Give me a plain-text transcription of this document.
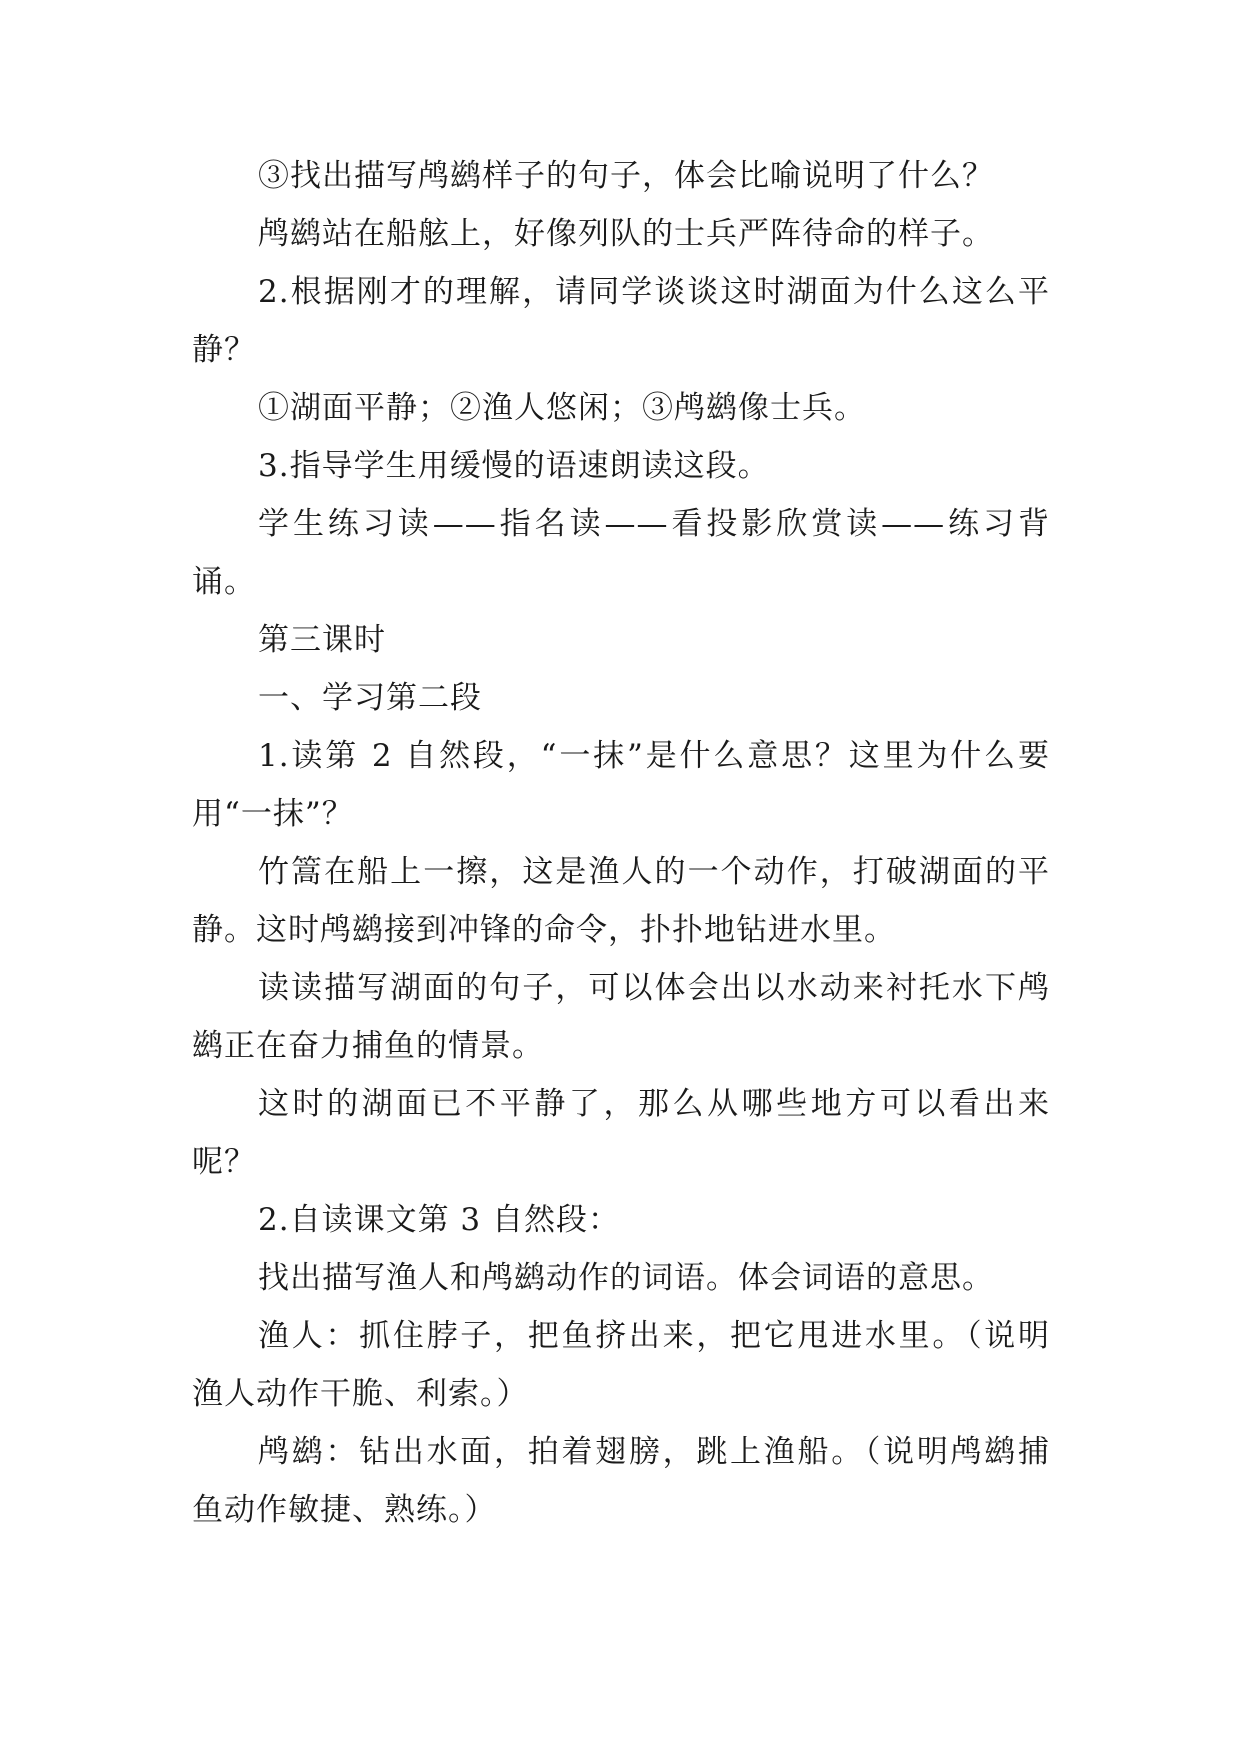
③找出描写鸬鹚样子的句子，体会比喻说明了什么？
鸬鹚站在船舷上，好像列队的士兵严阵待命的样子。
2.根据刚才的理解，请同学谈谈这时湖面为什么这么平
静？
①湖面平静；②渔人悠闲；③鸬鹚像士兵。
3.指导学生用缓慢的语速朗读这段。
学生练习读——指名读——看投影欣赏读——练习背
诵。
第三课时
一、学习第二段
1.读第 2 自然段，“一抹”是什么意思？这里为什么要
用“一抹”？
竹篙在船上一擦，这是渔人的一个动作，打破湖面的平
静。这时鸬鹚接到冲锋的命令，扑扑地钻进水里。
读读描写湖面的句子，可以体会出以水动来衬托水下鸬
鹚正在奋力捕鱼的情景。
这时的湖面已不平静了，那么从哪些地方可以看出来
呢？
2.自读课文第 3 自然段：
找出描写渔人和鸬鹚动作的词语。体会词语的意思。
渔人：抓住脖子，把鱼挤出来，把它甩进水里。（说明
渔人动作干脆、利索。）
鸬鹚：钻出水面，拍着翅膀，跳上渔船。（说明鸬鹚捕
鱼动作敏捷、熟练。）
